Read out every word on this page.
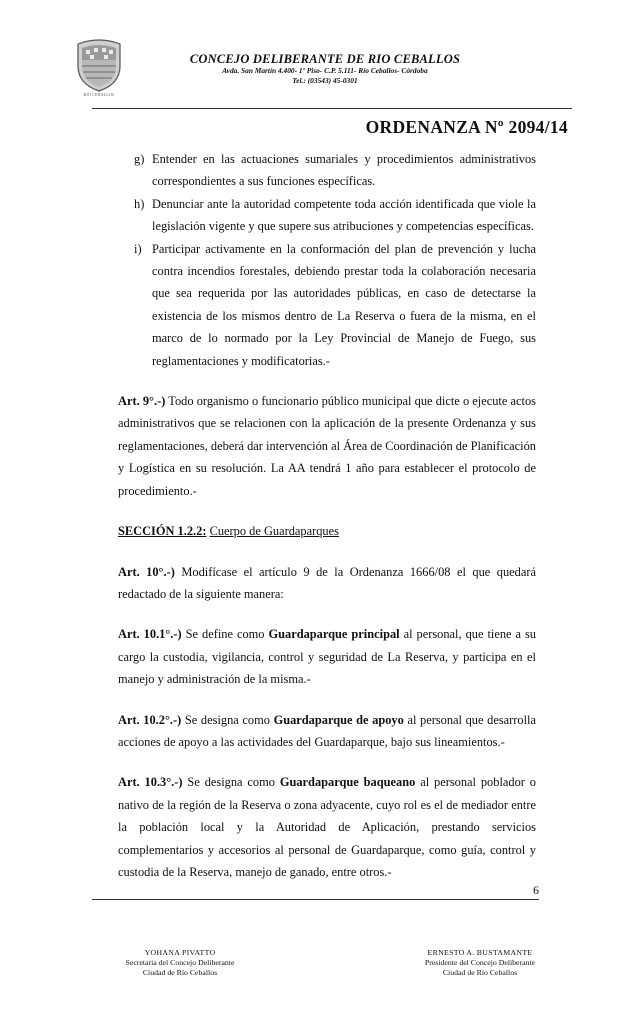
RIO CEBALLOS
CONCEJO DELIBERANTE DE RIO CEBALLOS
Avda. San Martín 4.400- 1º Piso- C.P. 5.111- Río Ceballos- Córdoba
Tel.: (03543) 45-0301
ORDENANZA Nº 2094/14
g) Entender en las actuaciones sumariales y procedimientos administrativos correspondientes a sus funciones específicas.
h) Denunciar ante la autoridad competente toda acción identificada que viole la legislación vigente y que supere sus atribuciones y competencias específicas.
i) Participar activamente en la conformación del plan de prevención y lucha contra incendios forestales, debiendo prestar toda la colaboración necesaria que sea requerida por las autoridades públicas, en caso de detectarse la existencia de los mismos dentro de La Reserva o fuera de la misma, en el marco de lo normado por la Ley Provincial de Manejo de Fuego, sus reglamentaciones y modificatorias.-

Art. 9°.-) Todo organismo o funcionario público municipal que dicte o ejecute actos administrativos que se relacionen con la aplicación de la presente Ordenanza y sus reglamentaciones, deberá dar intervención al Área de Coordinación de Planificación y Logística en su resolución. La AA tendrá 1 año para establecer el protocolo de procedimiento.-

SECCIÓN 1.2.2: Cuerpo de Guardaparques

Art. 10°.-) Modifícase el artículo 9 de la Ordenanza 1666/08 el que quedará redactado de la siguiente manera:

Art. 10.1°.-) Se define como Guardaparque principal al personal, que tiene a su cargo la custodia, vigilancia, control y seguridad de La Reserva, y participa en el manejo y administración de la misma.-

Art. 10.2°.-) Se designa como Guardaparque de apoyo al personal que desarrolla acciones de apoyo a las actividades del Guardaparque, bajo sus lineamientos.-

Art. 10.3°.-) Se designa como Guardaparque baqueano al personal poblador o nativo de la región de la Reserva o zona adyacente, cuyo rol es el de mediador entre la población local y la Autoridad de Aplicación, prestando servicios complementarios y accesorios al personal de Guardaparque, como guía, control y custodia de la Reserva, manejo de ganado, entre otros.-

6
YOHANA PIVATTO
Secretaria del Concejo Deliberante
Ciudad de Río Ceballos
ERNESTO A. BUSTAMANTE
Presidente del Concejo Deliberante
Ciudad de Río Ceballos
